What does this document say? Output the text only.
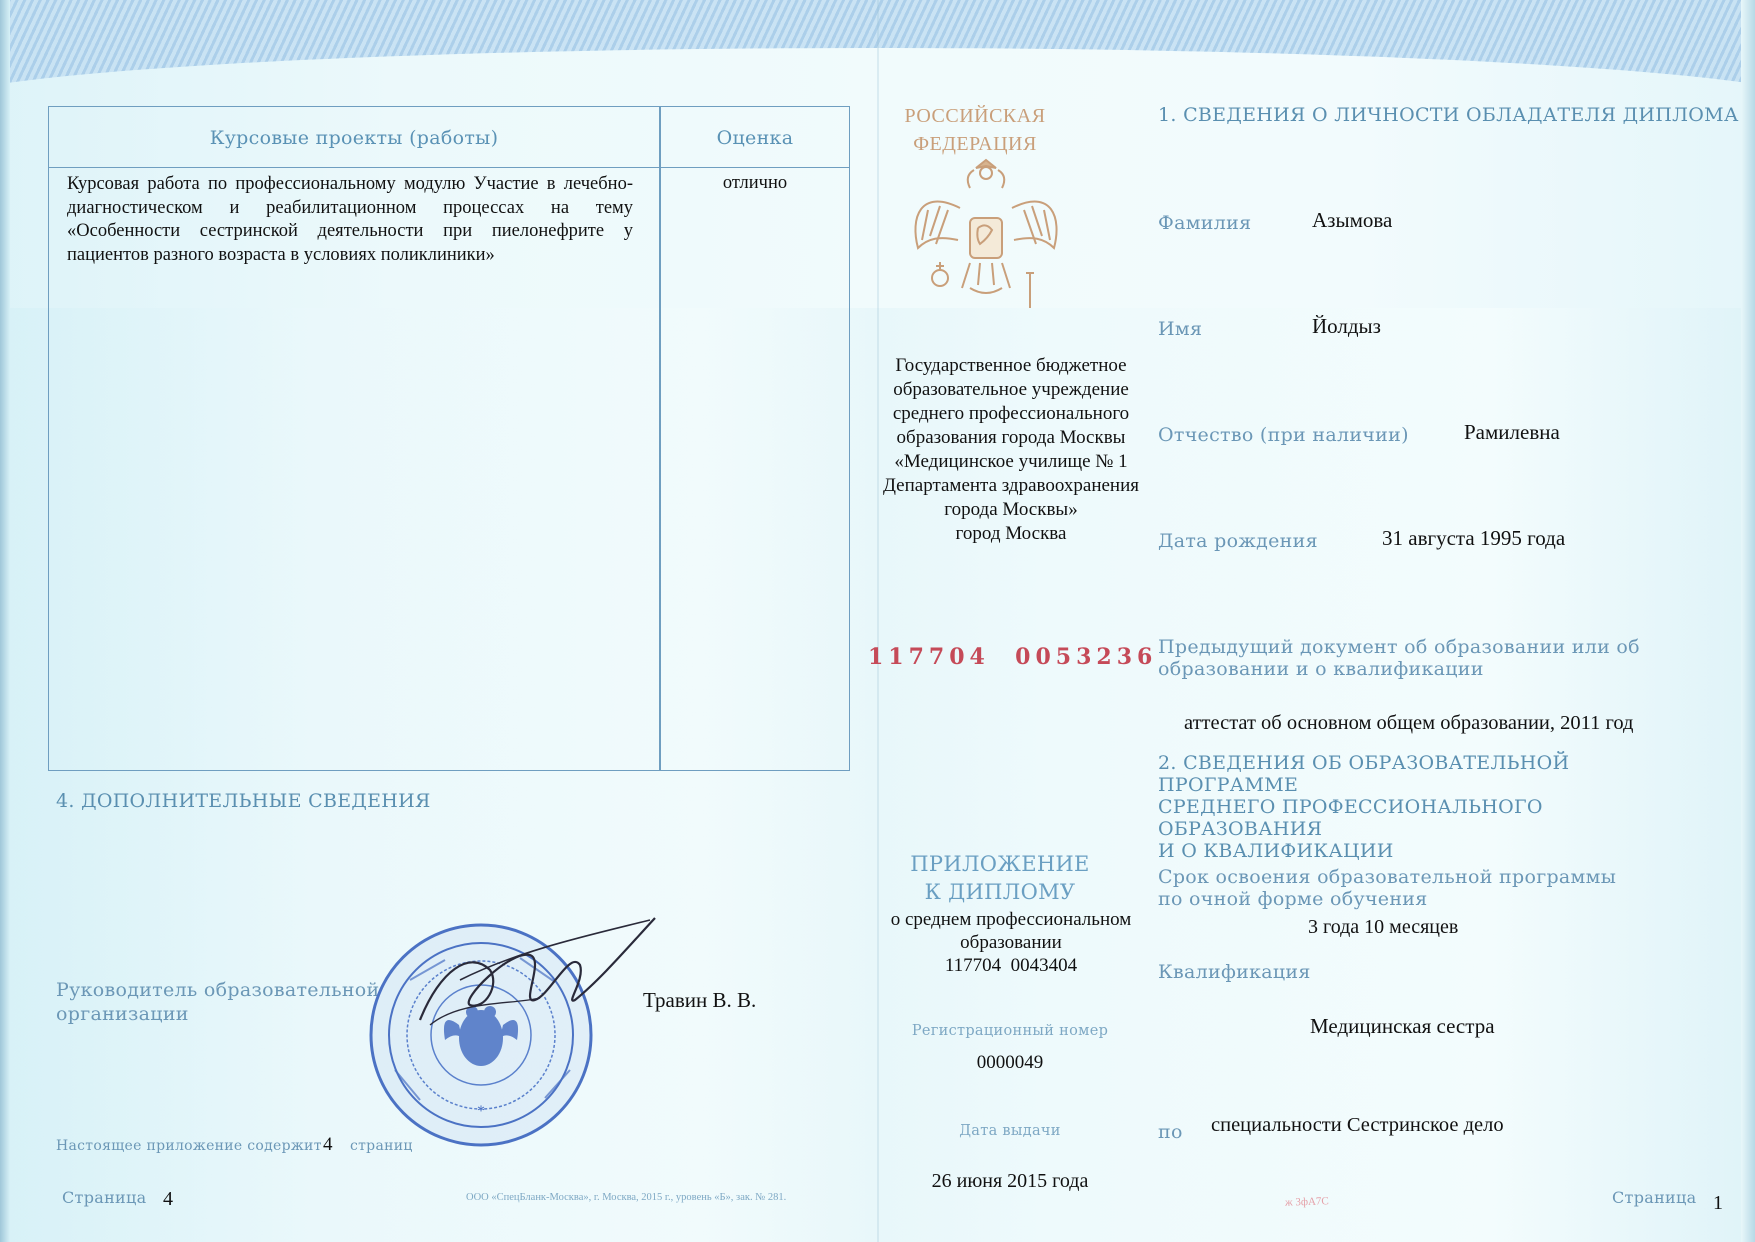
Курсовые проекты (работы)	Оценка
Курсовая работа по профессиональному модулю Участие в лечебно-диагностическом и реабилитационном процессах на тему «Особенности сестринской деятельности при пиелонефрите у пациентов разного возраста в условиях поликлиники»
отлично
4. ДОПОЛНИТЕЛЬНЫЕ СВЕДЕНИЯ
Руководитель образовательной
организации
*
Травин В. В.
Настоящее приложение содержит 4 страниц
Страница 4	ООО «СпецБланк-Москва», г. Москва, 2015 г., уровень «Б», зак. № 281.
РОССИЙСКАЯ
ФЕДЕРАЦИЯ
Государственное бюджетное
образовательное учреждение
среднего профессионального
образования города Москвы
«Медицинское училище № 1
Департамента здравоохранения
города Москвы»
город Москва
117704  0053236
ПРИЛОЖЕНИЕ
К ДИПЛОМУ
о среднем профессиональном
образовании
117704  0043404
Регистрационный номер
0000049
Дата выдачи
26 июня 2015 года
1. СВЕДЕНИЯ О ЛИЧНОСТИ ОБЛАДАТЕЛЯ ДИПЛОМА
Фамилия	Азымова
Имя	Йолдыз
Отчество (при наличии)	Рамилевна
Дата рождения	31 августа 1995 года
Предыдущий документ об образовании или об образовании и о квалификации
аттестат об основном общем образовании, 2011 год
2. СВЕДЕНИЯ ОБ ОБРАЗОВАТЕЛЬНОЙ ПРОГРАММЕ
СРЕДНЕГО ПРОФЕССИОНАЛЬНОГО ОБРАЗОВАНИЯ
И О КВАЛИФИКАЦИИ
Срок освоения образовательной программы
по очной форме обучения
3 года 10 месяцев
Квалификация
Медицинская сестра
по специальности Сестринское дело
ж 3фА7С	Страница 1
